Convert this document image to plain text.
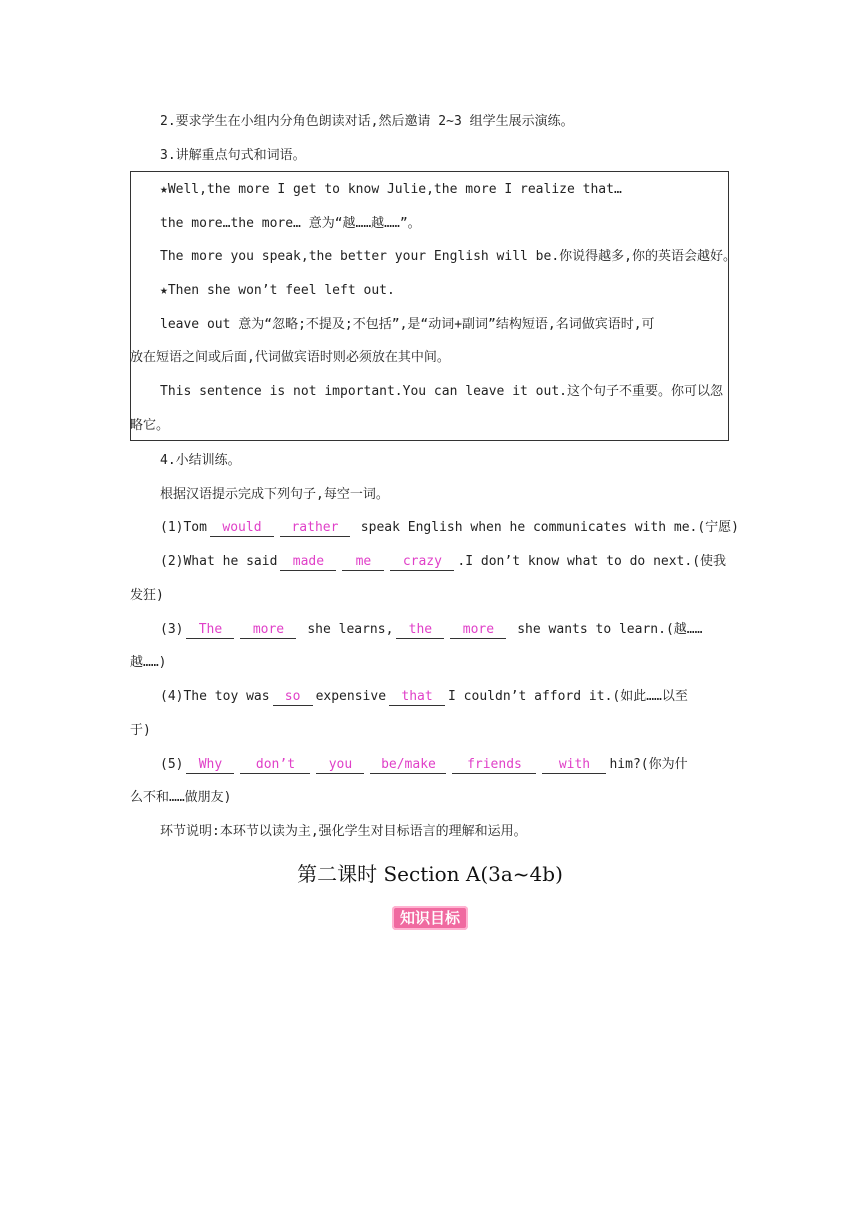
2.要求学生在小组内分角色朗读对话,然后邀请 2~3 组学生展示演练。
3.讲解重点句式和词语。
★Well,the more I get to know Julie,the more I realize that…
the more…the more… 意为“越……越……”。
The more you speak,the better your English will be.你说得越多,你的英语会越好。
★Then she won’t feel left out.
leave out 意为“忽略;不提及;不包括”,是“动词+副词”结构短语,名词做宾语时,可
放在短语之间或后面,代词做宾语时则必须放在其中间。
This sentence is not important.You can leave it out.这个句子不重要。你可以忽
略它。
4.小结训练。
根据汉语提示完成下列句子,每空一词。
(1)Tom would rather speak English when he communicates with me.(宁愿)
(2)What he said made me crazy .I don’t know what to do next.(使我
发狂)
(3) The more she learns, the more she wants to learn.(越……
越……)
(4)The toy was so expensive that I couldn’t afford it.(如此……以至
于)
(5) Why	don’t	you be/make friends	with him?(你为什
么不和……做朋友)
环节说明:本环节以读为主,强化学生对目标语言的理解和运用。
第二课时 Section A(3a~4b)
知识目标
